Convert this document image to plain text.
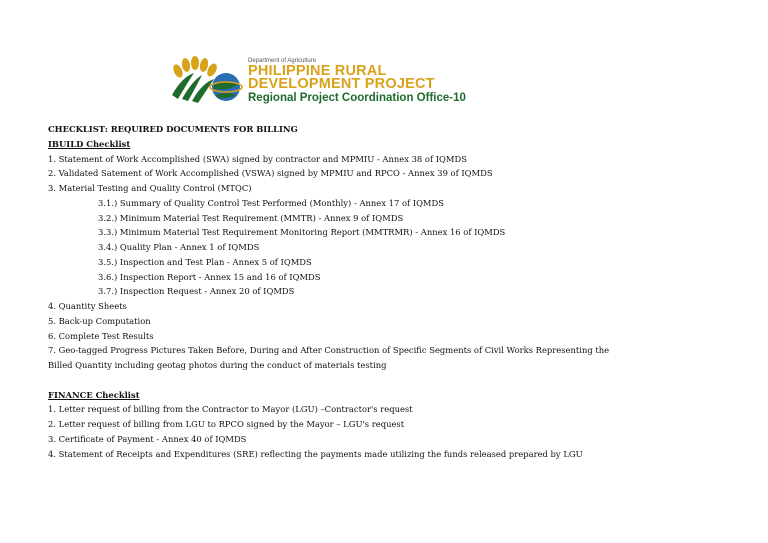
Department of Agriculture
PHILIPPINE RURAL
DEVELOPMENT PROJECT
Regional Project Coordination Office-10
CHECKLIST: REQUIRED DOCUMENTS FOR BILLING
IBUILD Checklist
1. Statement of Work Accomplished (SWA) signed by contractor and MPMIU - Annex 38 of IQMDS
2. Validated Satement of Work Accomplished (VSWA) signed by MPMIU and RPCO - Annex 39 of IQMDS
3. Material Testing and Quality Control (MTQC)
3.1.) Summary of Quality Control Test Performed (Monthly) - Annex 17 of IQMDS
3.2.) Minimum Material Test Requirement (MMTR) - Annex 9 of IQMDS
3.3.) Minimum Material Test Requirement Monitoring Report (MMTRMR) - Annex 16 of IQMDS
3.4.) Quality Plan - Annex 1 of IQMDS
3.5.) Inspection and Test Plan - Annex 5 of IQMDS
3.6.) Inspection Report - Annex 15 and 16 of IQMDS
3.7.) Inspection Request - Annex 20 of IQMDS
4. Quantity Sheets
5. Back-up Computation
6. Complete Test Results
7. Geo-tagged Progress Pictures Taken Before, During and After Construction of Specific Segments of Civil Works Representing the
Billed Quantity including geotag photos during the conduct of materials testing
FINANCE Checklist
1. Letter request of billing from the Contractor to Mayor (LGU) –Contractor's request
2. Letter request of billing from LGU to RPCO signed by the Mayor – LGU's request
3. Certificate of Payment - Annex 40 of IQMDS
4. Statement of Receipts and Expenditures (SRE) reflecting the payments made utilizing the funds released prepared by LGU
